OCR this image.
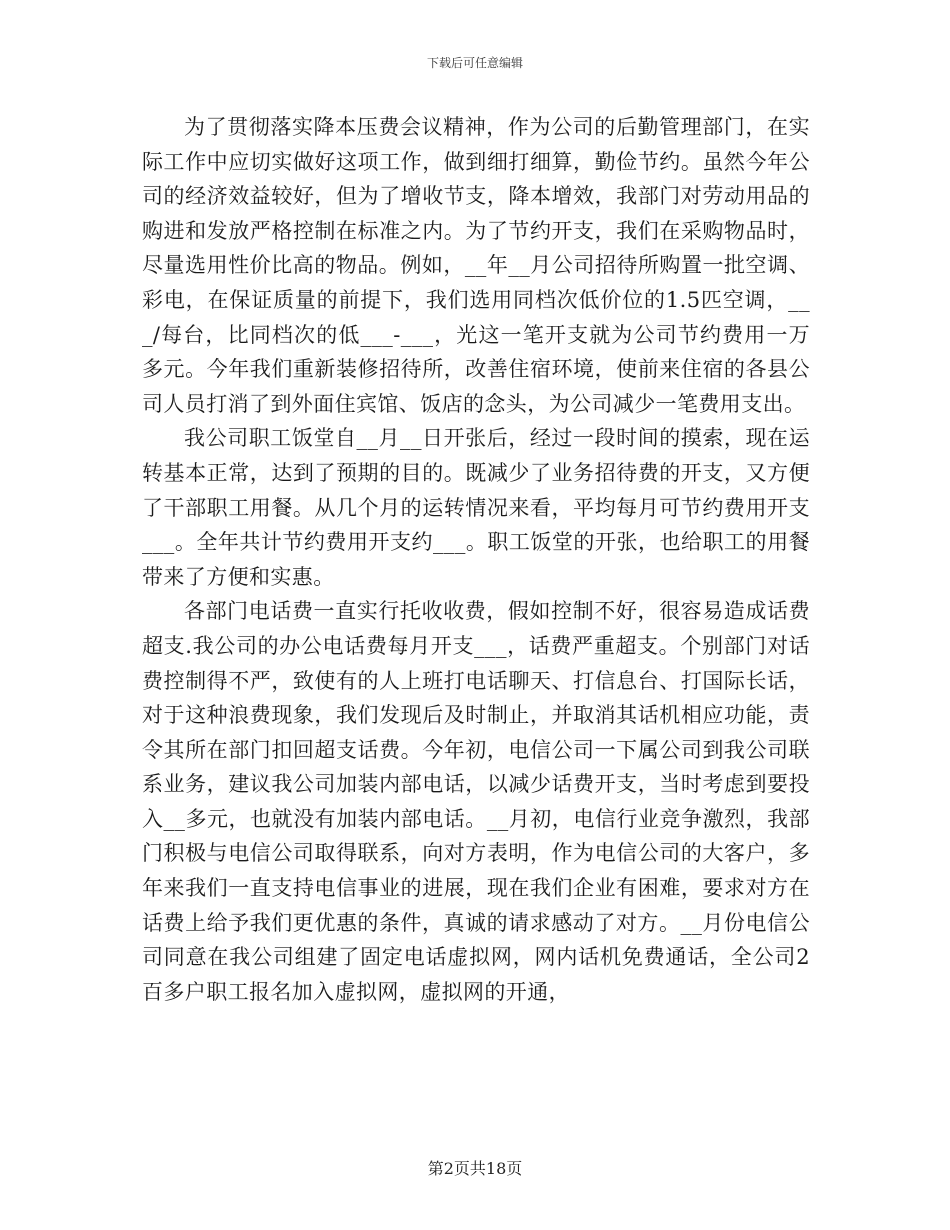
下载后可任意编辑

为了贯彻落实降本压费会议精神，作为公司的后勤管理部门，在实际工作中应切实做好这项工作，做到细打细算，勤俭节约。虽然今年公司的经济效益较好，但为了增收节支，降本增效，我部门对劳动用品的购进和发放严格控制在标准之内。为了节约开支，我们在采购物品时，尽量选用性价比高的物品。例如，__年__月公司招待所购置一批空调、彩电，在保证质量的前提下，我们选用同档次低价位的1.5匹空调，___/每台，比同档次的低___-___，光这一笔开支就为公司节约费用一万多元。今年我们重新装修招待所，改善住宿环境，使前来住宿的各县公司人员打消了到外面住宾馆、饭店的念头，为公司减少一笔费用支出。

我公司职工饭堂自__月__日开张后，经过一段时间的摸索，现在运转基本正常，达到了预期的目的。既减少了业务招待费的开支，又方便了干部职工用餐。从几个月的运转情况来看，平均每月可节约费用开支___。全年共计节约费用开支约___。职工饭堂的开张，也给职工的用餐带来了方便和实惠。

各部门电话费一直实行托收收费，假如控制不好，很容易造成话费超支.我公司的办公电话费每月开支___，话费严重超支。个别部门对话费控制得不严，致使有的人上班打电话聊天、打信息台、打国际长话，对于这种浪费现象，我们发现后及时制止，并取消其话机相应功能，责令其所在部门扣回超支话费。今年初，电信公司一下属公司到我公司联系业务，建议我公司加装内部电话，以减少话费开支，当时考虑到要投入__多元，也就没有加装内部电话。__月初，电信行业竞争激烈，我部门积极与电信公司取得联系，向对方表明，作为电信公司的大客户，多年来我们一直支持电信事业的进展，现在我们企业有困难，要求对方在话费上给予我们更优惠的条件，真诚的请求感动了对方。__月份电信公司同意在我公司组建了固定电话虚拟网，网内话机免费通话，全公司2百多户职工报名加入虚拟网，虚拟网的开通，

第2页共18页
